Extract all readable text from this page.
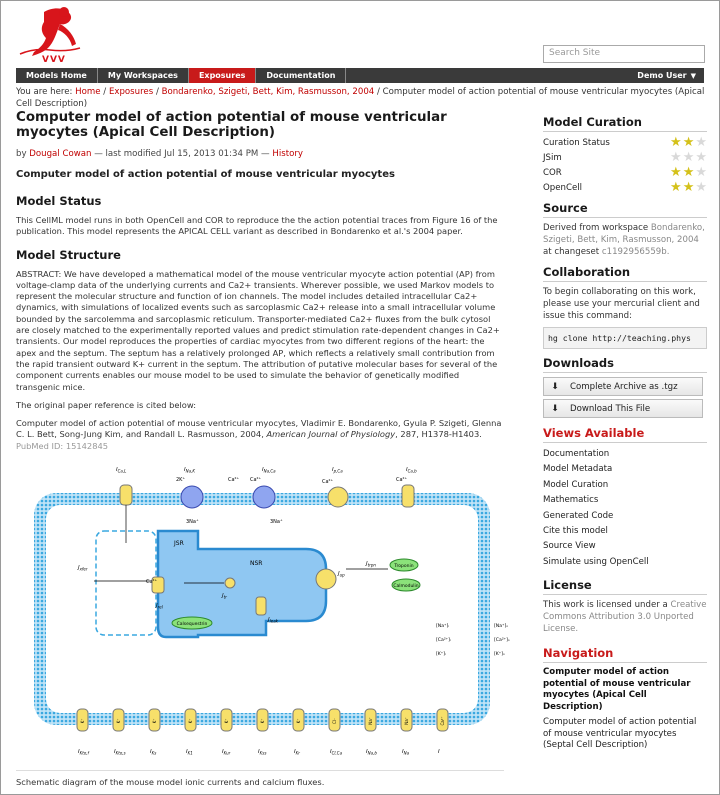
VVV
Search Site
Models Home	My Workspaces	Exposures	Documentation	Demo User ▼
You are here: Home / Exposures / Bondarenko, Szigeti, Bett, Kim, Rasmusson, 2004 / Computer model of action potential of mouse ventricular myocytes (Apical Cell Description)
Computer model of action potential of mouse ventricular myocytes (Apical Cell Description)
by Dougal Cowan — last modified Jul 15, 2013 01:34 PM — History
Computer model of action potential of mouse ventricular myocytes
Model Status

This CellML model runs in both OpenCell and COR to reproduce the the action potential traces from Figure 16 of the publication. This model represents the APICAL CELL variant as described in Bondarenko et al.'s 2004 paper.

Model Structure

ABSTRACT: We have developed a mathematical model of the mouse ventricular myocyte action potential (AP) from voltage-clamp data of the underlying currents and Ca2+ transients. Wherever possible, we used Markov models to represent the molecular structure and function of ion channels. The model includes detailed intracellular Ca2+ dynamics, with simulations of localized events such as sarcoplasmic Ca2+ release into a small intracellular volume bounded by the sarcolemma and sarcoplasmic reticulum. Transporter-mediated Ca2+ fluxes from the bulk cytosol are closely matched to the experimentally reported values and predict stimulation rate-dependent changes in Ca2+ transients. Our model reproduces the properties of cardiac myocytes from two different regions of the heart: the apex and the septum. The septum has a relatively prolonged AP, which reflects a relatively small contribution from the rapid transient outward K+ current in the septum. The attribution of putative molecular bases for several of the component currents enables our mouse model to be used to simulate the behavior of genetically modified transgenic mice.

The original paper reference is cited below:

Computer model of action potential of mouse ventricular myocytes, Vladimir E. Bondarenko, Gyula P. Szigeti, Glenna C. L. Bett, Song-Jung Kim, and Randall L. Rasmusson, 2004, American Journal of Physiology, 287, H1378-H1403. PubMed ID: 15142845

JSR
NSR
Calsequestrin
Troponin
Calmodulin
Ca²⁺
$J_{xfer}$
$J_{rel}$
$J_{tr}$
$J_{leak}$
$J_{up}$
$J_{trpn}$
$I_{Ca,L}$	$I_{Na,K}$
2K⁺
3Na⁺
$I_{Na,Ca}$
Ca²⁺
3Na⁺
$I_{p,Ca}$
Ca²⁺
$I_{Ca,b}$
Ca²⁺
Ca²⁺
[Na⁺]ᵢ
[Ca²⁺]ᵢ
[K⁺]ᵢ
[Na⁺]ₒ
[Ca²⁺]ₒ
[K⁺]ₒ
K⁺
$I_{Kto,f}$
K⁺
$I_{Kto,s}$
K⁺
$I_{Ks}$
K⁺
$I_{K1}$
K⁺
$I_{Kur}$
K⁺
$I_{Kss}$
K⁺
$I_{Kr}$
Cl⁻
$I_{Cl,Ca}$
Na⁺
$I_{Na,b}$
Na⁺
$I_{Na}$
Ca²⁺
I
Schematic diagram of the mouse model ionic currents and calcium fluxes.
Model Curation
Curation Status	★ ★ ★
JSim	★ ★ ★
COR	★ ★ ★
OpenCell	★ ★ ★
Source
Derived from workspace Bondarenko, Szigeti, Bett, Kim, Rasmusson, 2004 at changeset c1192956559b.
Collaboration
To begin collaborating on this work, please use your mercurial client and issue this command:
hg clone http://teaching.phys
Downloads
⬇ Complete Archive as .tgz
⬇ Download This File
Views Available
Documentation
Model Metadata
Model Curation
Mathematics
Generated Code
Cite this model
Source View
Simulate using OpenCell
License
This work is licensed under a Creative Commons Attribution 3.0 Unported License.
Navigation
Computer model of action potential of mouse ventricular myocytes (Apical Cell Description)
Computer model of action potential of mouse ventricular myocytes (Septal Cell Description)
